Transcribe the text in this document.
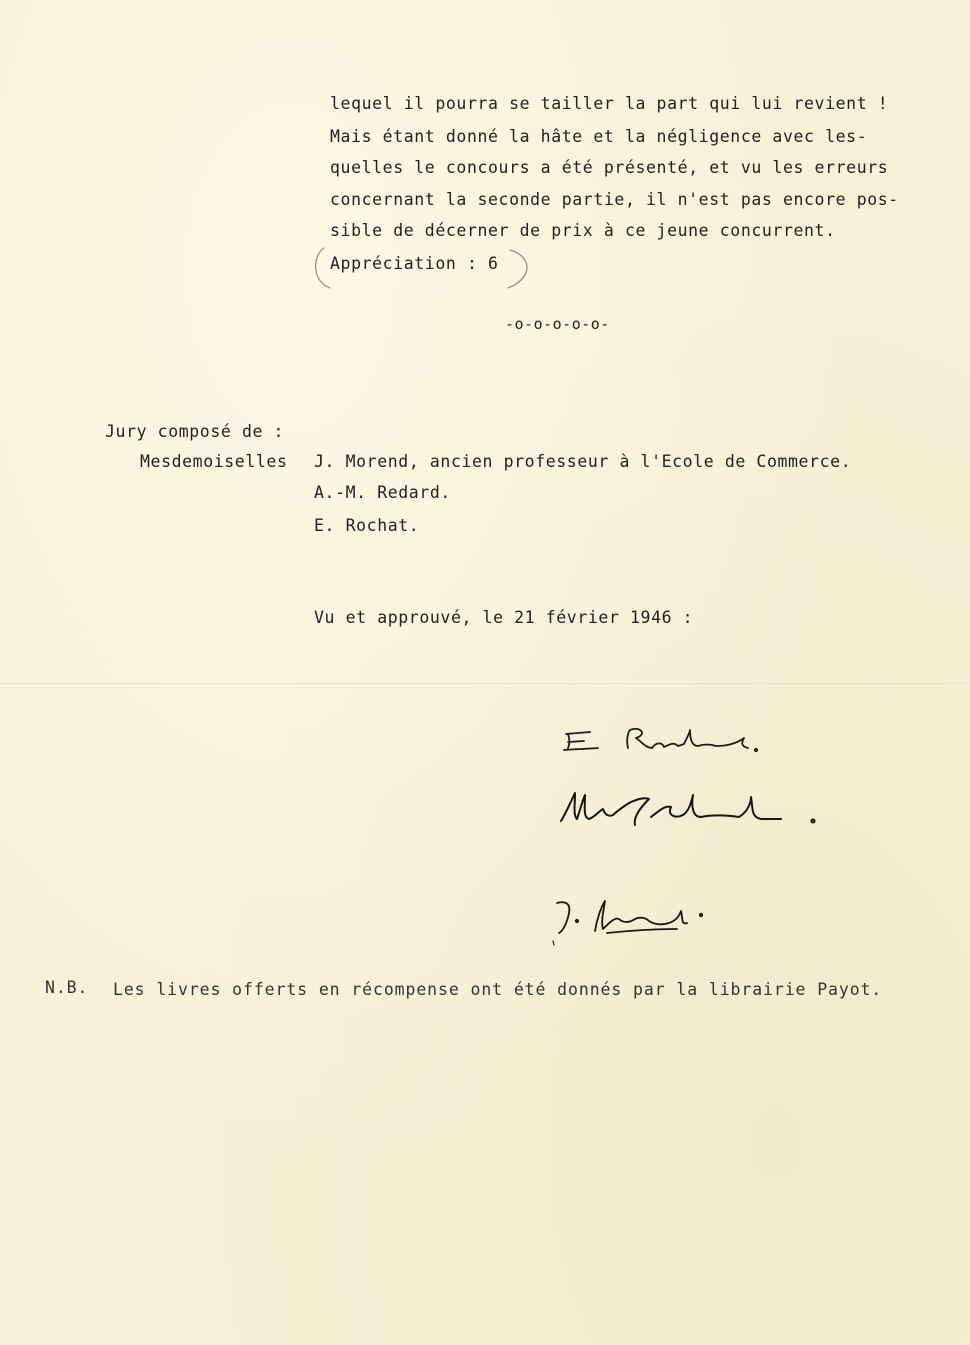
lequel il pourra se tailler la part qui lui revient !

Mais étant donné la hâte et la négligence avec les-

quelles le concours a été présenté, et vu les erreurs

concernant la seconde partie, il n'est pas encore pos-

sible de décerner de prix à ce jeune concurrent.

Appréciation : 6

-o-o-o-o-o-

Jury composé de :

Mesdemoiselles J. Morend, ancien professeur à l'Ecole de Commerce.

A.-M. Redard.

E. Rochat.

Vu et approuvé, le 21 février 1946 :

N.B. Les livres offerts en récompense ont été donnés par la librairie Payot.
